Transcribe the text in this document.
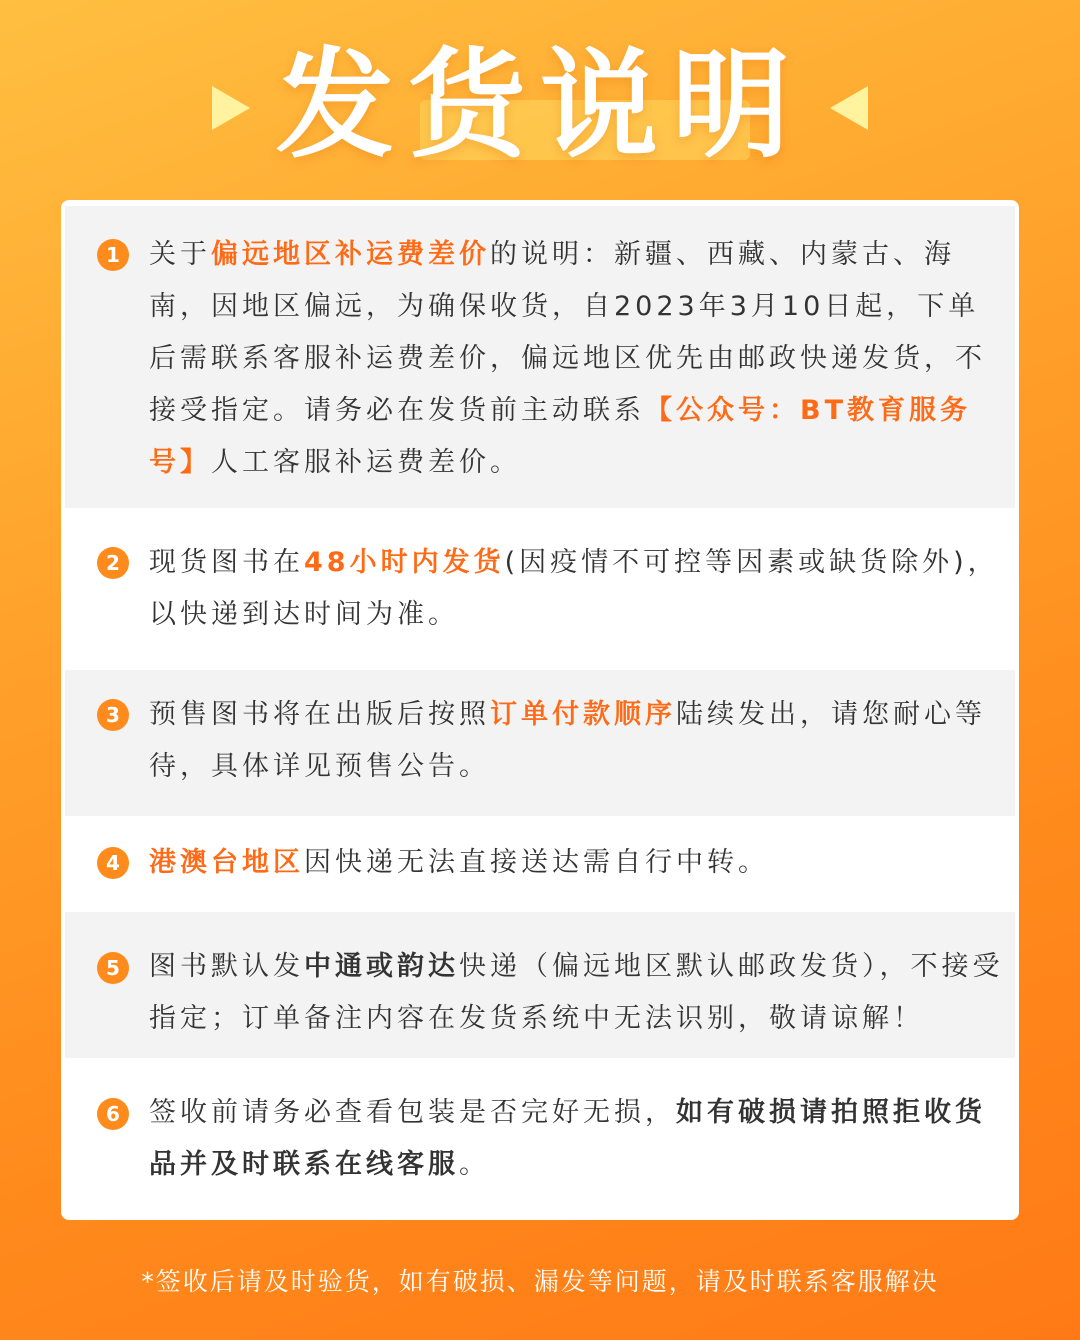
发货说明
1	关于偏远地区补运费差价的说明：新疆、西藏、内蒙古、海南，因地区偏远，为确保收货，自2023年3月10日起，下单后需联系客服补运费差价，偏远地区优先由邮政快递发货，不接受指定。请务必在发货前主动联系【公众号：BT教育服务号】人工客服补运费差价。
2	现货图书在48小时内发货(因疫情不可控等因素或缺货除外)，以快递到达时间为准。
3	预售图书将在出版后按照订单付款顺序陆续发出，请您耐心等待，具体详见预售公告。
4	港澳台地区因快递无法直接送达需自行中转。
5	图书默认发中通或韵达快递（偏远地区默认邮政发货），不接受指定；订单备注内容在发货系统中无法识别，敬请谅解！
6	签收前请务必查看包装是否完好无损，如有破损请拍照拒收货品并及时联系在线客服。
*签收后请及时验货，如有破损、漏发等问题，请及时联系客服解决
